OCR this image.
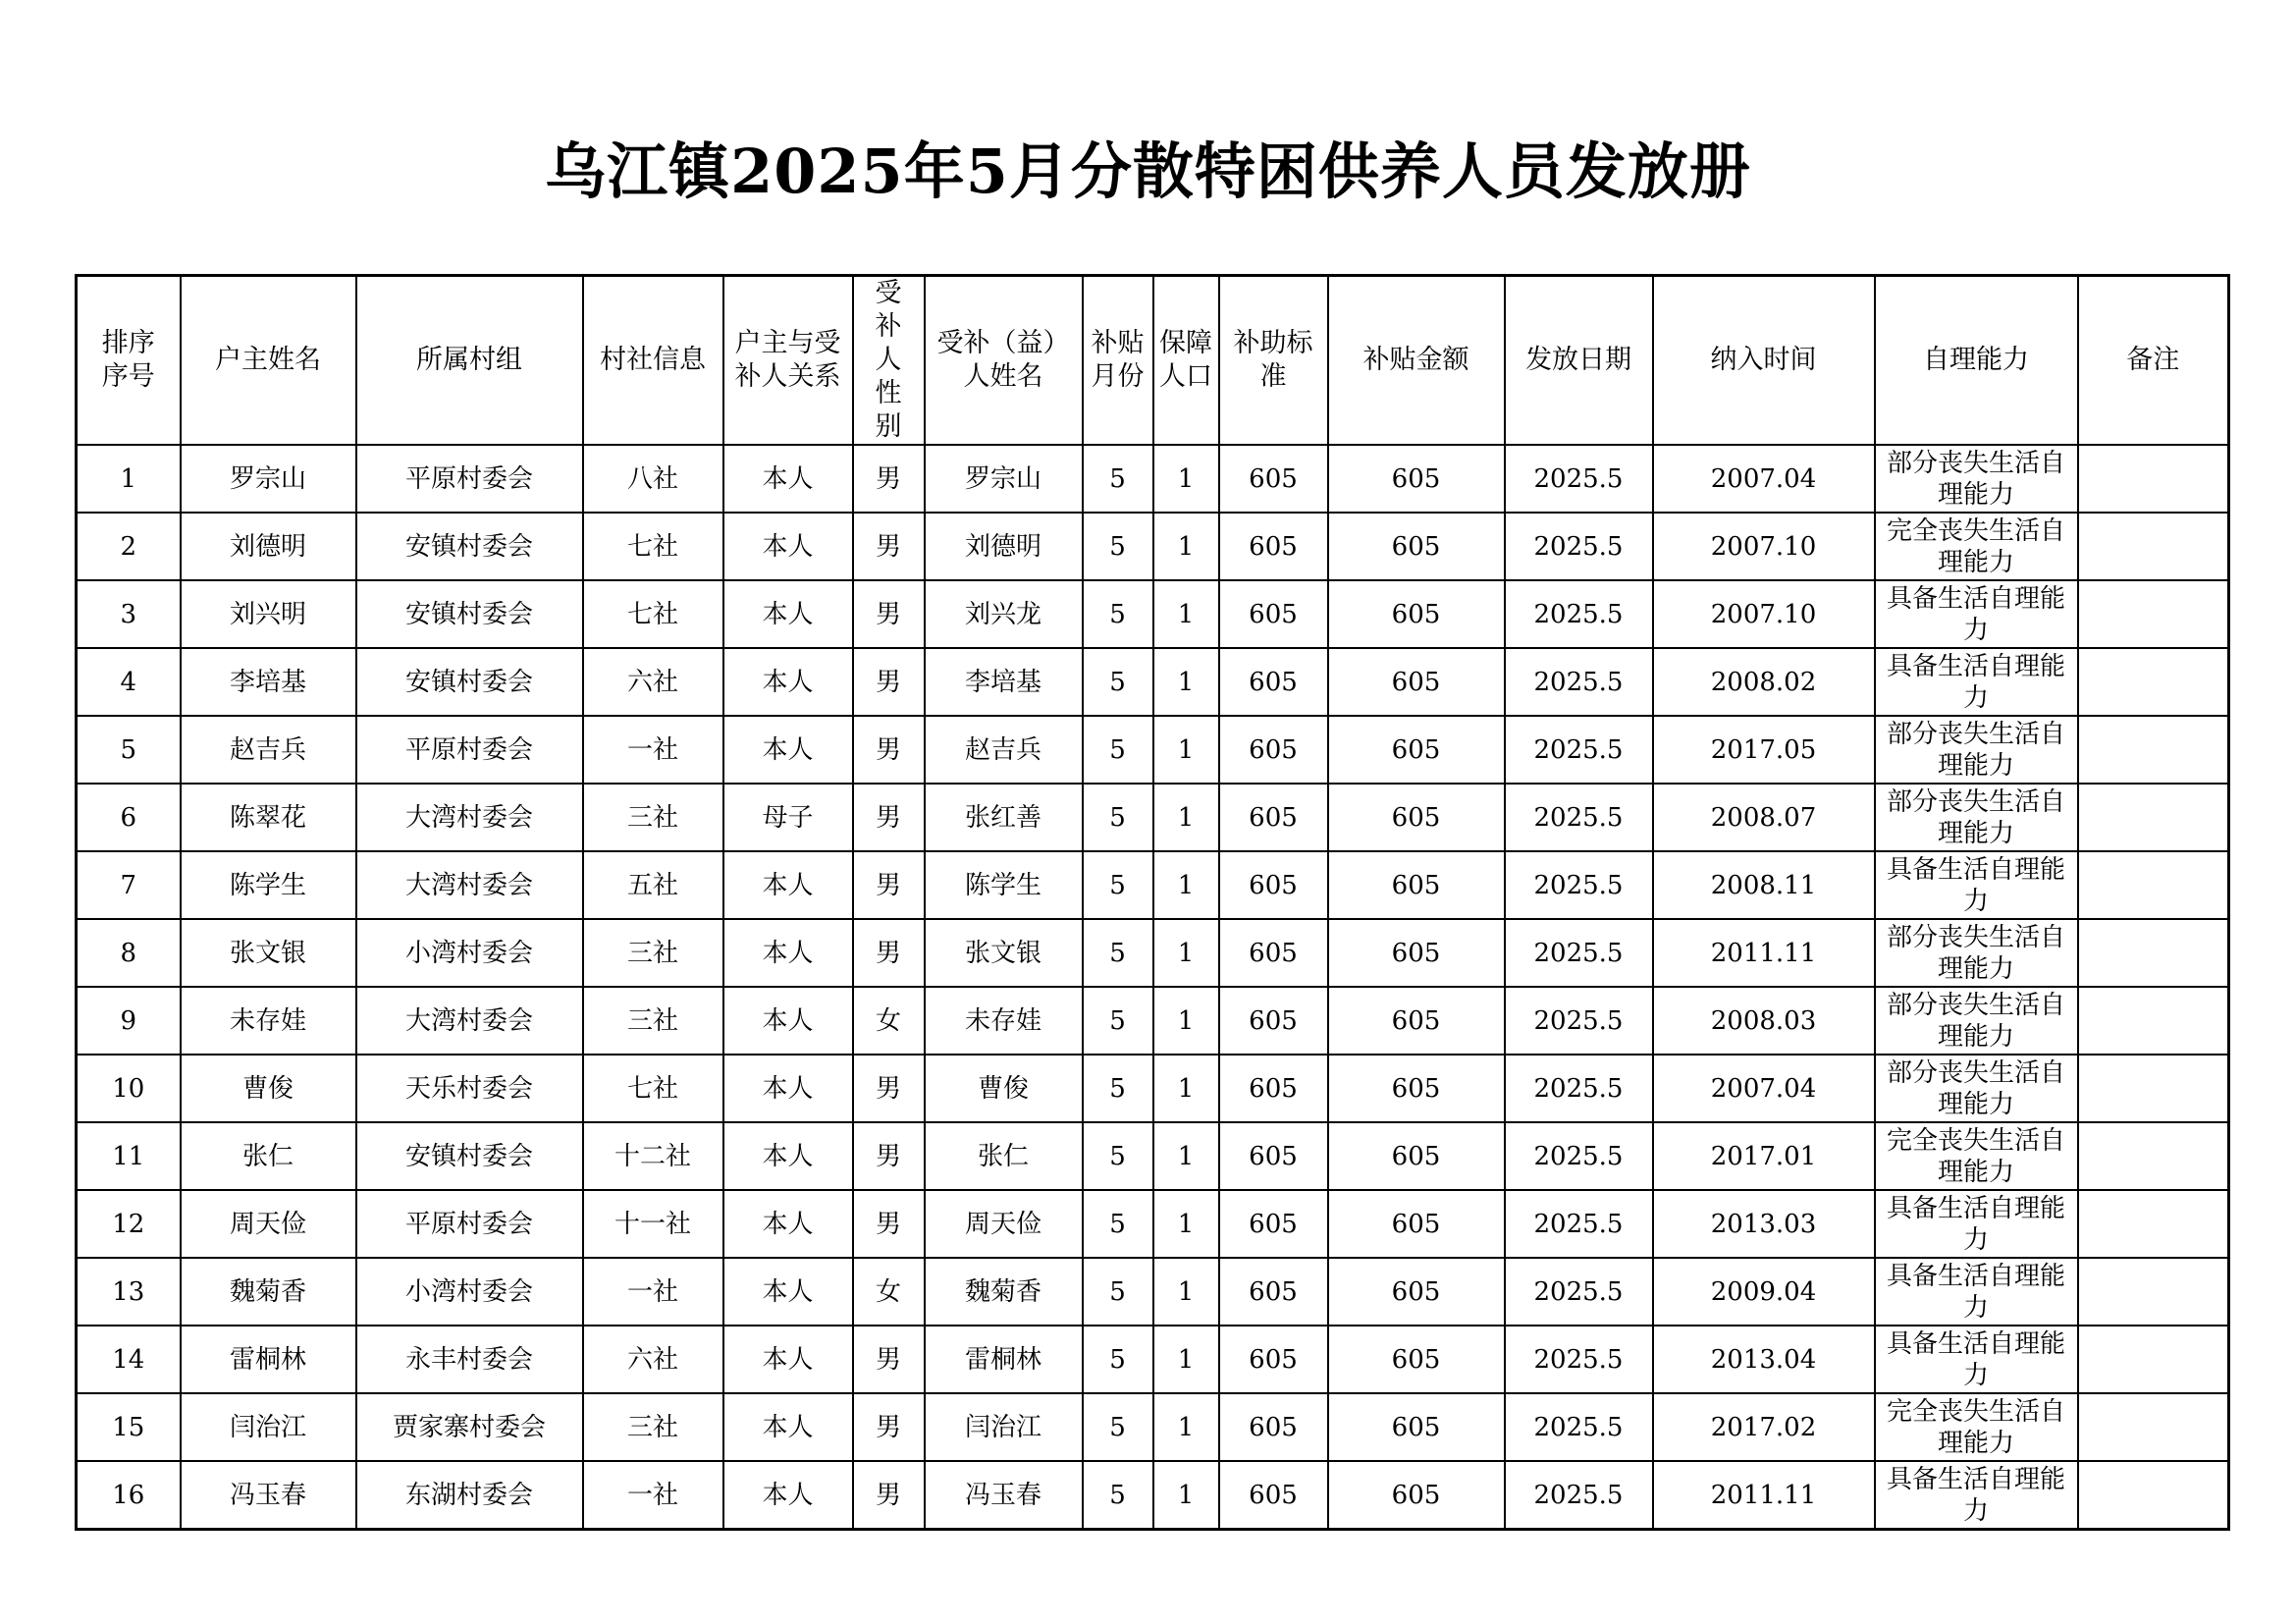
乌江镇2025年5月分散特困供养人员发放册
排序序号	户主姓名	所属村组	村社信息	户主与受补人关系	受补人性别	受补（益）人姓名	补贴月份	保障人口	补助标准	补贴金额	发放日期	纳入时间	自理能力	备注
1	罗宗山	平原村委会	八社	本人	男	罗宗山	5	1	605	605	2025.5	2007.04	部分丧失生活自理能力	
2	刘德明	安镇村委会	七社	本人	男	刘德明	5	1	605	605	2025.5	2007.10	完全丧失生活自理能力	
3	刘兴明	安镇村委会	七社	本人	男	刘兴龙	5	1	605	605	2025.5	2007.10	具备生活自理能力	
4	李培基	安镇村委会	六社	本人	男	李培基	5	1	605	605	2025.5	2008.02	具备生活自理能力	
5	赵吉兵	平原村委会	一社	本人	男	赵吉兵	5	1	605	605	2025.5	2017.05	部分丧失生活自理能力	
6	陈翠花	大湾村委会	三社	母子	男	张红善	5	1	605	605	2025.5	2008.07	部分丧失生活自理能力	
7	陈学生	大湾村委会	五社	本人	男	陈学生	5	1	605	605	2025.5	2008.11	具备生活自理能力	
8	张文银	小湾村委会	三社	本人	男	张文银	5	1	605	605	2025.5	2011.11	部分丧失生活自理能力	
9	未存娃	大湾村委会	三社	本人	女	未存娃	5	1	605	605	2025.5	2008.03	部分丧失生活自理能力	
10	曹俊	天乐村委会	七社	本人	男	曹俊	5	1	605	605	2025.5	2007.04	部分丧失生活自理能力	
11	张仁	安镇村委会	十二社	本人	男	张仁	5	1	605	605	2025.5	2017.01	完全丧失生活自理能力	
12	周天俭	平原村委会	十一社	本人	男	周天俭	5	1	605	605	2025.5	2013.03	具备生活自理能力	
13	魏菊香	小湾村委会	一社	本人	女	魏菊香	5	1	605	605	2025.5	2009.04	具备生活自理能力	
14	雷桐林	永丰村委会	六社	本人	男	雷桐林	5	1	605	605	2025.5	2013.04	具备生活自理能力	
15	闫治江	贾家寨村委会	三社	本人	男	闫治江	5	1	605	605	2025.5	2017.02	完全丧失生活自理能力	
16	冯玉春	东湖村委会	一社	本人	男	冯玉春	5	1	605	605	2025.5	2011.11	具备生活自理能力	
